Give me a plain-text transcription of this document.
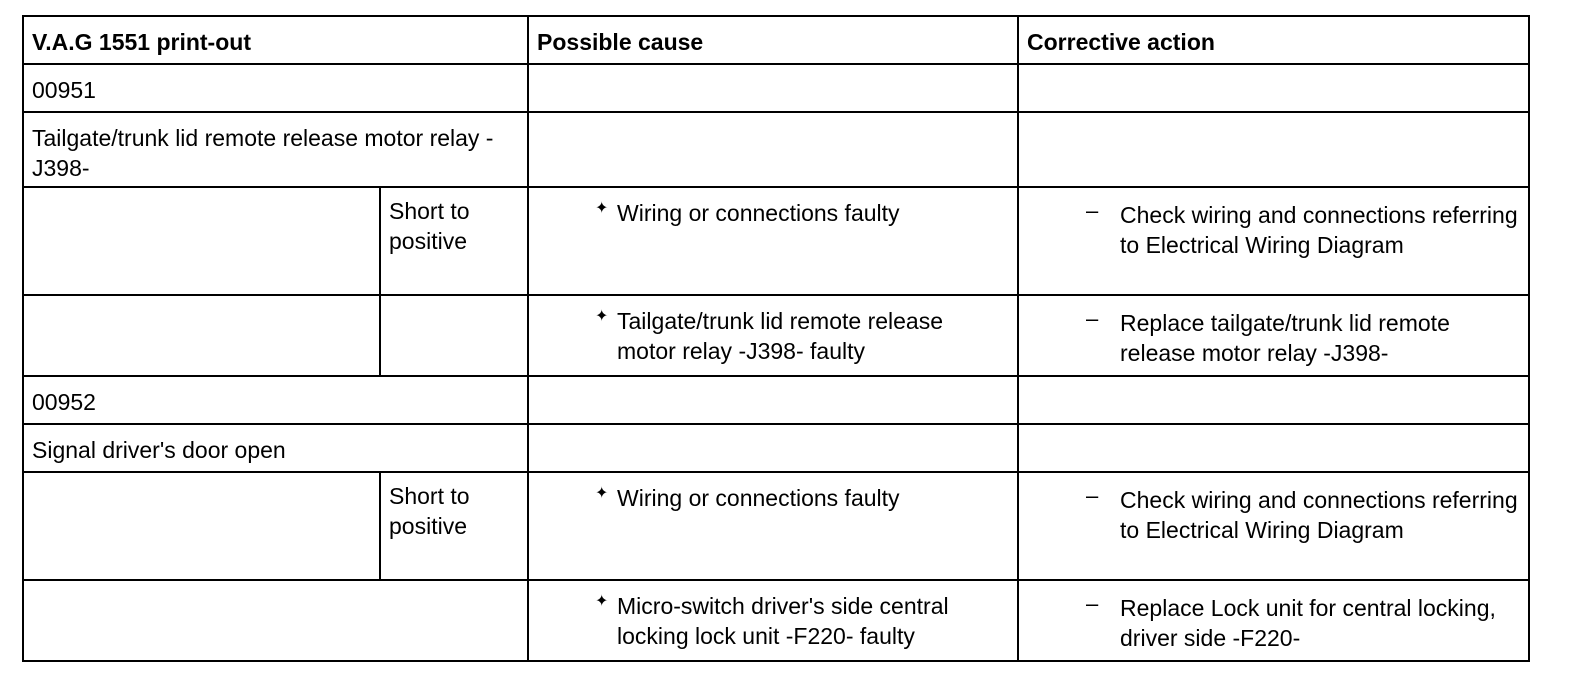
V.A.G 1551 print-out		Possible cause	Corrective action
00951			
Tailgate/trunk lid remote release motor relay -J398-			
	Short to positive	✦ Wiring or connections faulty	– Check wiring and connections referring to Electrical Wiring Diagram

		✦ Tailgate/trunk lid remote release motor relay -J398- faulty	– Replace tailgate/trunk lid remote release motor relay -J398-

00952			
Signal driver's door open			
	Short to positive	✦ Wiring or connections faulty	– Check wiring and connections referring to Electrical Wiring Diagram

		✦ Micro-switch driver's side central locking lock unit -F220- faulty	– Replace Lock unit for central locking, driver side -F220-
